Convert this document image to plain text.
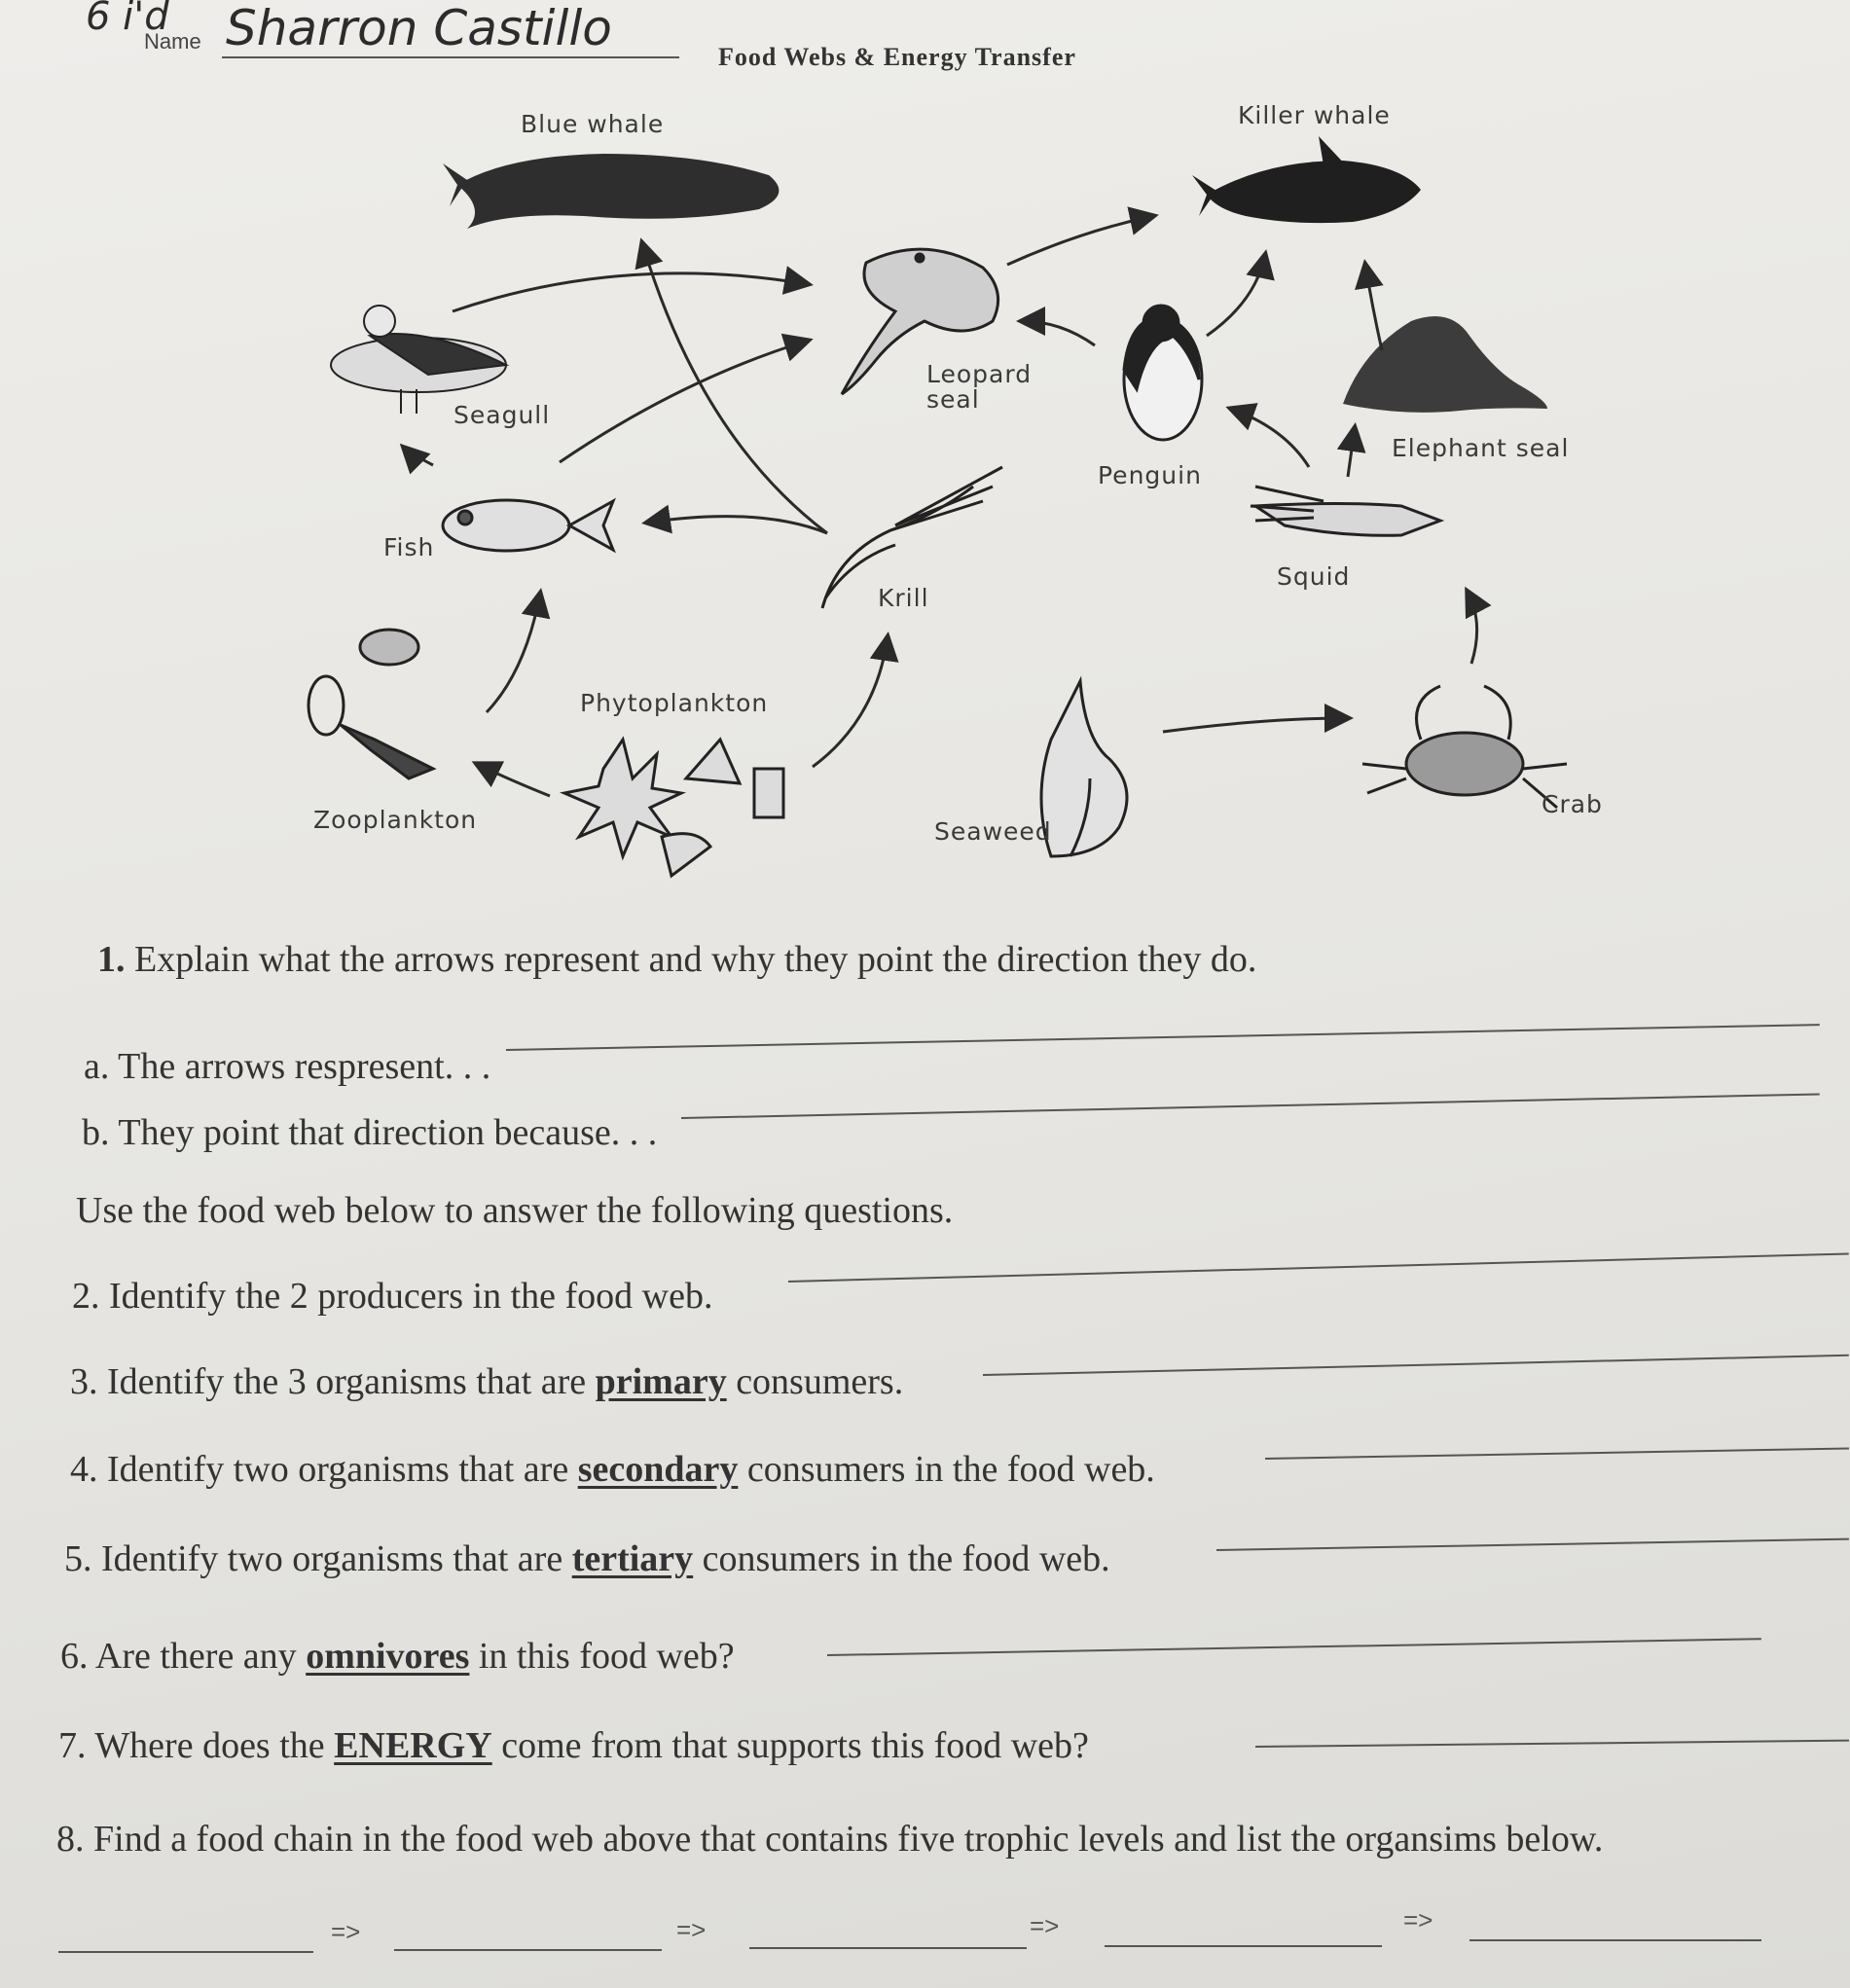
6 i'd
Name Sharron Castillo
Food Webs & Energy Transfer
Blue whale	Killer whale
Seagull
Leopard
seal
Penguin
Elephant seal
Fish
Krill
Squid
Phytoplankton
Zooplankton	Seaweed
Crab
1. Explain what the arrows represent and why they point the direction they do.
a. The arrows respresent. . .
b. They point that direction because. . .
Use the food web below to answer the following questions.
2. Identify the 2 producers in the food web.
3. Identify the 3 organisms that are primary consumers.
4. Identify two organisms that are secondary consumers in the food web.
5. Identify two organisms that are tertiary consumers in the food web.
6. Are there any omnivores in this food web?
7. Where does the ENERGY come from that supports this food web?
8. Find a food chain in the food web above that contains five trophic levels and list the organsims below.
=>	=>	=>	=>
